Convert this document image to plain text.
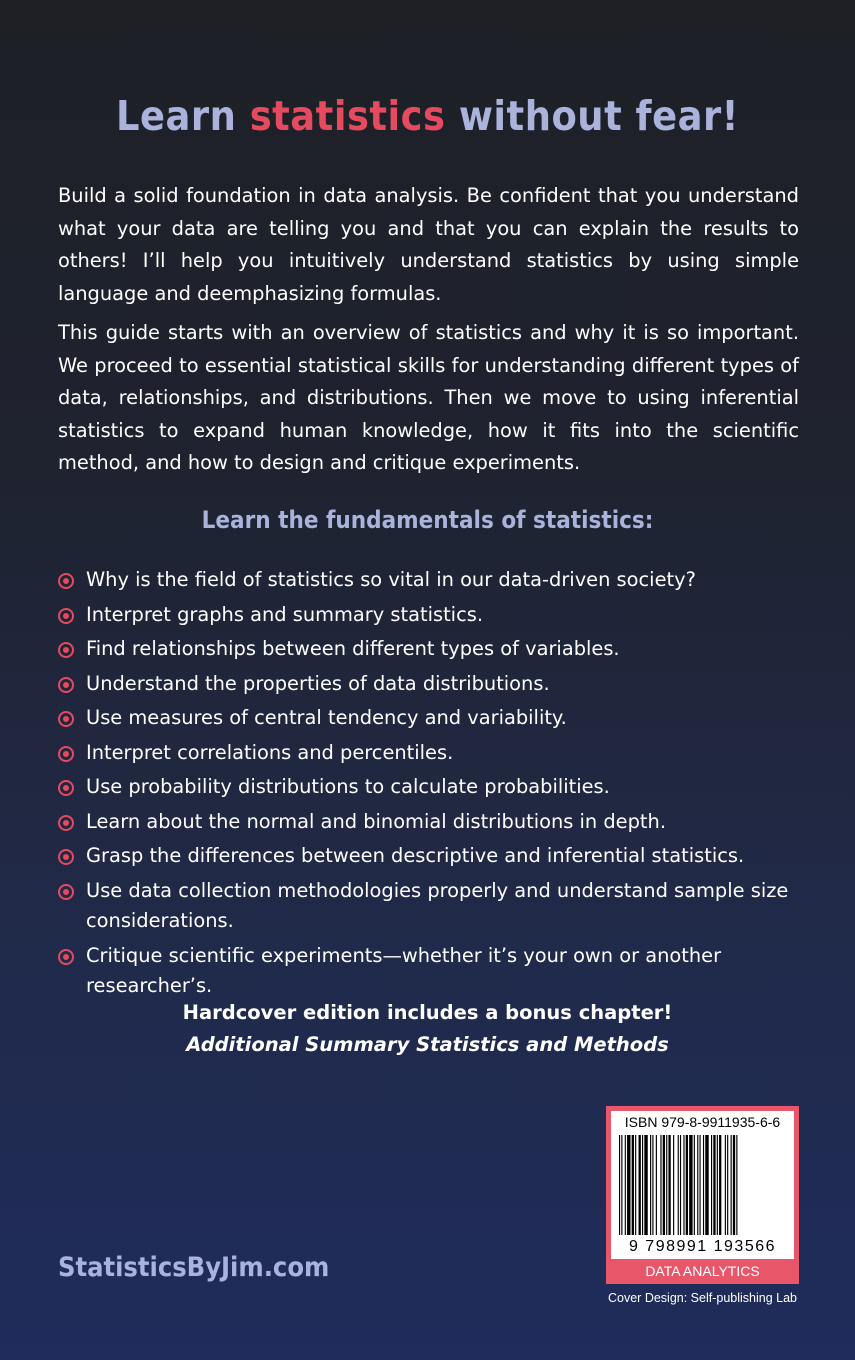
Learn statistics without fear!

Build a solid foundation in data analysis. Be confident that you understand what your data are telling you and that you can explain the results to others! I’ll help you intuitively understand statistics by using simple language and deemphasizing formulas.

This guide starts with an overview of statistics and why it is so important. We proceed to essential statistical skills for understanding different types of data, relationships, and distributions. Then we move to using inferential statistics to expand human knowledge, how it fits into the scientific method, and how to design and critique experiments.

Learn the fundamentals of statistics:
Why is the field of statistics so vital in our data-driven society?
Interpret graphs and summary statistics.
Find relationships between different types of variables.
Understand the properties of data distributions.
Use measures of central tendency and variability.
Interpret correlations and percentiles.
Use probability distributions to calculate probabilities.
Learn about the normal and binomial distributions in depth.
Grasp the differences between descriptive and inferential statistics.
Use data collection methodologies properly and understand sample size considerations.
Critique scientific experiments—whether it’s your own or another researcher’s.
Hardcover edition includes a bonus chapter!
Additional Summary Statistics and Methods
StatisticsByJim.com
ISBN 979-8-9911935-6-6
9 798991 193566
DATA ANALYTICS
Cover Design: Self-publishing Lab
